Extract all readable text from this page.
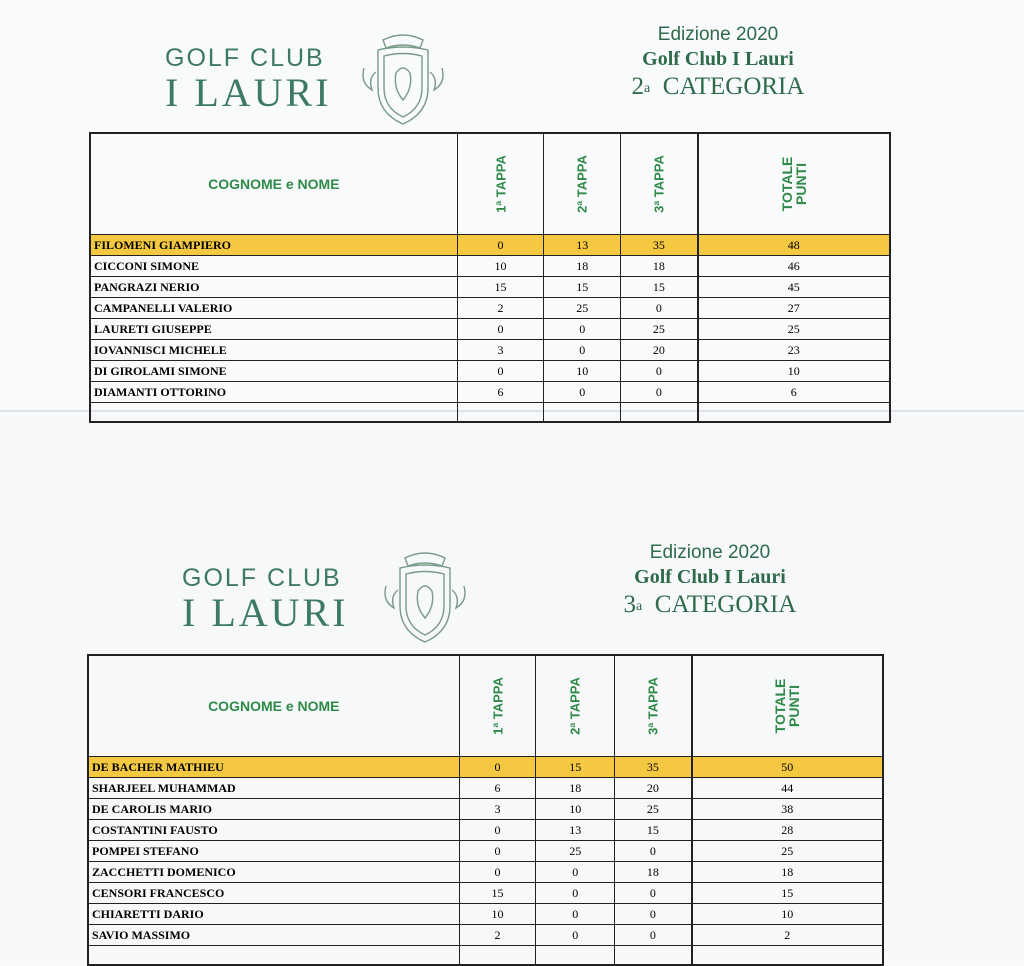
GOLF CLUB
I LAURI
Edizione 2020
Golf Club I Lauri
2$^a$ CATEGORIA
COGNOME e NOME	1ª TAPPA	2ª TAPPA	3ª TAPPA	TOTALE
PUNTI

FILOMENI GIAMPIERO	0	13	35	48
CICCONI SIMONE	10	18	18	46
PANGRAZI NERIO	15	15	15	45
CAMPANELLI VALERIO	2	25	0	27
LAURETI GIUSEPPE	0	0	25	25
IOVANNISCI MICHELE	3	0	20	23
DI GIROLAMI SIMONE	0	10	0	10
DIAMANTI OTTORINO	6	0	0	6

GOLF CLUB
I LAURI
Edizione 2020
Golf Club I Lauri
3$^a$ CATEGORIA
COGNOME e NOME	1ª TAPPA	2ª TAPPA	3ª TAPPA	TOTALE
PUNTI

DE BACHER MATHIEU	0	15	35	50
SHARJEEL MUHAMMAD	6	18	20	44
DE CAROLIS MARIO	3	10	25	38
COSTANTINI FAUSTO	0	13	15	28
POMPEI STEFANO	0	25	0	25
ZACCHETTI DOMENICO	0	0	18	18
CENSORI FRANCESCO	15	0	0	15
CHIARETTI DARIO	10	0	0	10
SAVIO MASSIMO	2	0	0	2
